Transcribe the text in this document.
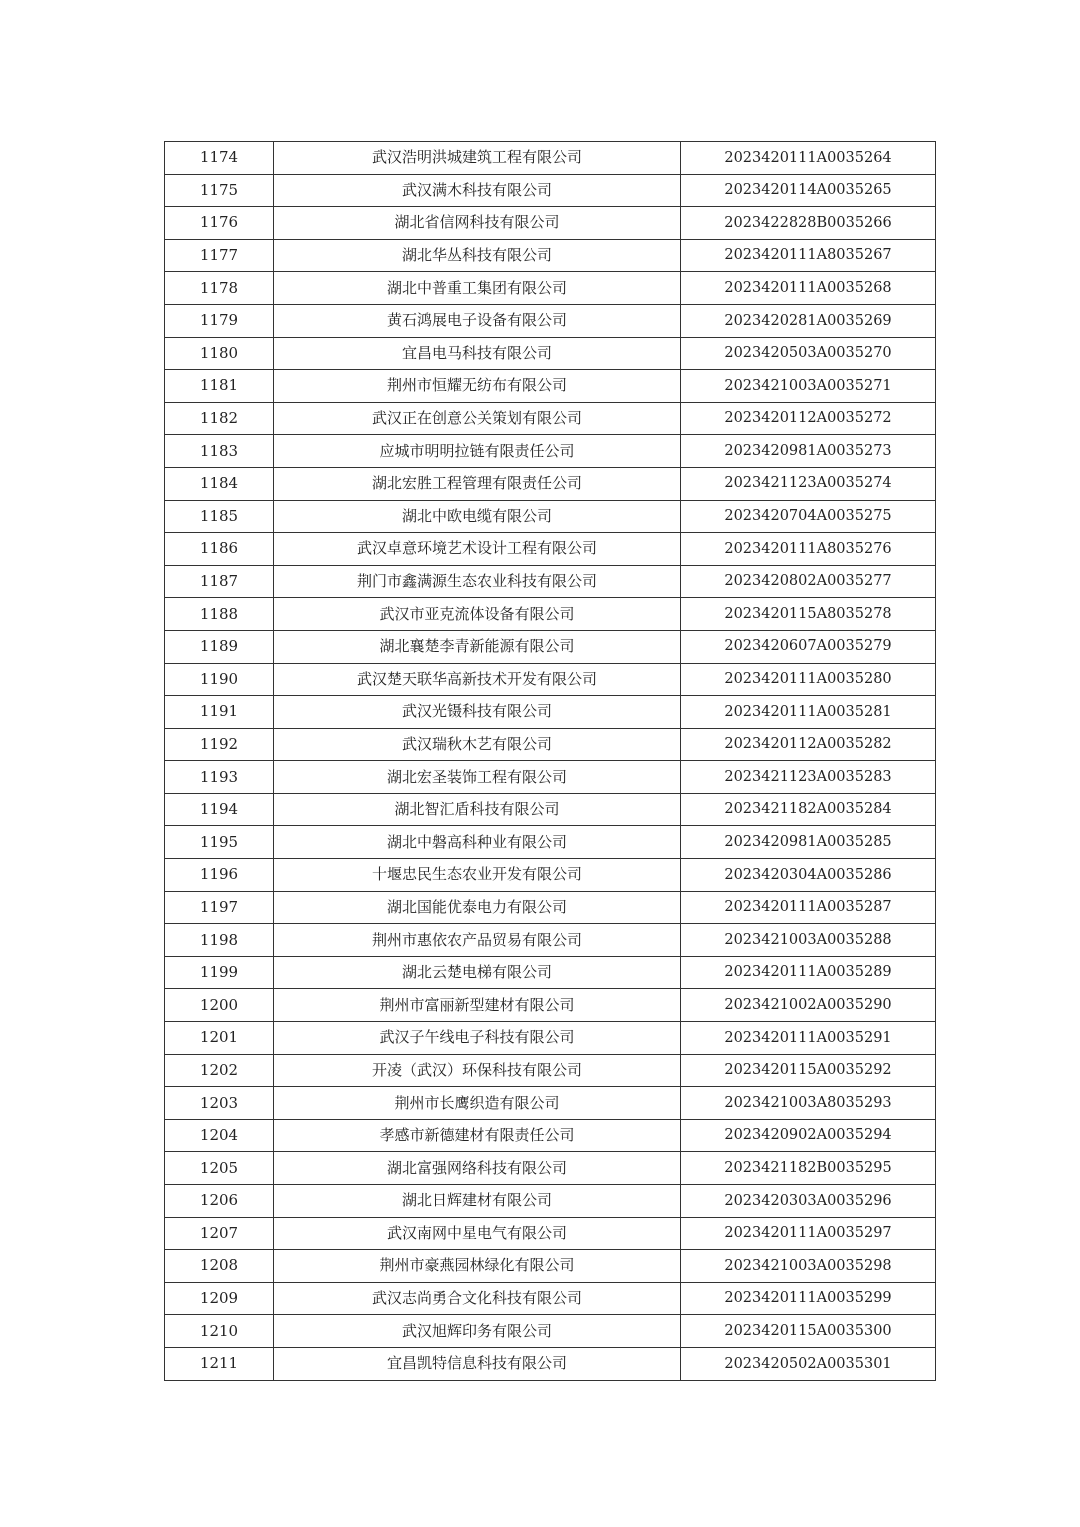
1174	武汉浩明洪城建筑工程有限公司	2023420111A0035264
1175	武汉满木科技有限公司	2023420114A0035265
1176	湖北省信网科技有限公司	2023422828B0035266
1177	湖北华丛科技有限公司	2023420111A8035267
1178	湖北中普重工集团有限公司	2023420111A0035268
1179	黄石鸿展电子设备有限公司	2023420281A0035269
1180	宜昌电马科技有限公司	2023420503A0035270
1181	荆州市恒耀无纺布有限公司	2023421003A0035271
1182	武汉正在创意公关策划有限公司	2023420112A0035272
1183	应城市明明拉链有限责任公司	2023420981A0035273
1184	湖北宏胜工程管理有限责任公司	2023421123A0035274
1185	湖北中欧电缆有限公司	2023420704A0035275
1186	武汉卓意环境艺术设计工程有限公司	2023420111A8035276
1187	荆门市鑫满源生态农业科技有限公司	2023420802A0035277
1188	武汉市亚克流体设备有限公司	2023420115A8035278
1189	湖北襄楚李青新能源有限公司	2023420607A0035279
1190	武汉楚天联华高新技术开发有限公司	2023420111A0035280
1191	武汉光镊科技有限公司	2023420111A0035281
1192	武汉瑞秋木艺有限公司	2023420112A0035282
1193	湖北宏圣装饰工程有限公司	2023421123A0035283
1194	湖北智汇盾科技有限公司	2023421182A0035284
1195	湖北中磐高科种业有限公司	2023420981A0035285
1196	十堰忠民生态农业开发有限公司	2023420304A0035286
1197	湖北国能优泰电力有限公司	2023420111A0035287
1198	荆州市惠依农产品贸易有限公司	2023421003A0035288
1199	湖北云楚电梯有限公司	2023420111A0035289
1200	荆州市富丽新型建材有限公司	2023421002A0035290
1201	武汉子午线电子科技有限公司	2023420111A0035291
1202	开凌（武汉）环保科技有限公司	2023420115A0035292
1203	荆州市长鹰织造有限公司	2023421003A8035293
1204	孝感市新德建材有限责任公司	2023420902A0035294
1205	湖北富强网络科技有限公司	2023421182B0035295
1206	湖北日辉建材有限公司	2023420303A0035296
1207	武汉南网中星电气有限公司	2023420111A0035297
1208	荆州市豪燕园林绿化有限公司	2023421003A0035298
1209	武汉志尚勇合文化科技有限公司	2023420111A0035299
1210	武汉旭辉印务有限公司	2023420115A0035300
1211	宜昌凯特信息科技有限公司	2023420502A0035301
